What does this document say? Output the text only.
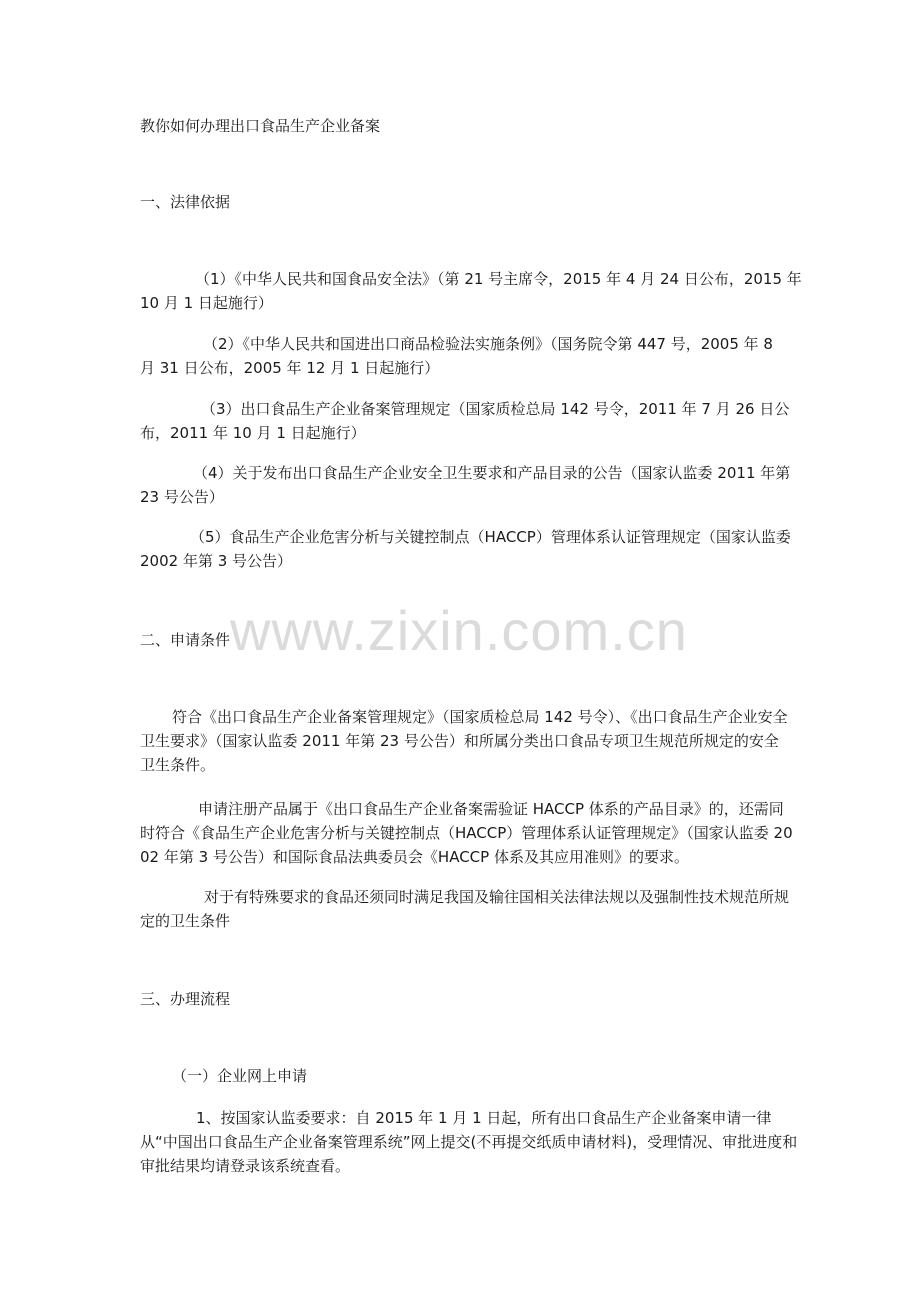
教你如何办理出口食品生产企业备案

一、法律依据

（1）《中华人民共和国食品安全法》（第 21 号主席令，2015 年 4 月 24 日公布，2015 年 10 月 1 日起施行）

（2）《中华人民共和国进出口商品检验法实施条例》（国务院令第 447 号，2005 年 8 月 31 日公布，2005 年 12 月 1 日起施行）

（3）出口食品生产企业备案管理规定（国家质检总局 142 号令，2011 年 7 月 26 日公布，2011 年 10 月 1 日起施行）

（4）关于发布出口食品生产企业安全卫生要求和产品目录的公告（国家认监委 2011 年第 23 号公告）

（5）食品生产企业危害分析与关键控制点（HACCP）管理体系认证管理规定（国家认监委 2002 年第 3 号公告）

二、申请条件

符合《出口食品生产企业备案管理规定》（国家质检总局 142 号令）、《出口食品生产企业安全卫生要求》（国家认监委 2011 年第 23 号公告）和所属分类出口食品专项卫生规范所规定的安全卫生条件。

申请注册产品属于《出口食品生产企业备案需验证 HACCP 体系的产品目录》的，还需同时符合《食品生产企业危害分析与关键控制点（HACCP）管理体系认证管理规定》（国家认监委 2002 年第 3 号公告）和国际食品法典委员会《HACCP 体系及其应用准则》的要求。

对于有特殊要求的食品还须同时满足我国及输往国相关法律法规以及强制性技术规范所规定的卫生条件

三、办理流程

（一）企业网上申请

1、按国家认监委要求：自 2015 年 1 月 1 日起，所有出口食品生产企业备案申请一律从“中国出口食品生产企业备案管理系统”网上提交(不再提交纸质申请材料)，受理情况、审批进度和审批结果均请登录该系统查看。

www.zixin.com.cn
